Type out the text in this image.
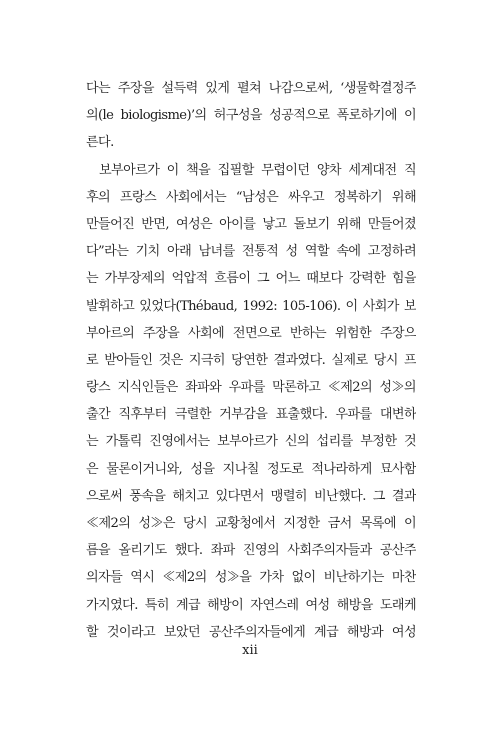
다는 주장을 설득력 있게 펼쳐 나감으로써, ‘생물학결정주
의(le biologisme)’의 허구성을 성공적으로 폭로하기에 이
른다.
보부아르가 이 책을 집필할 무렵이던 양차 세계대전 직
후의 프랑스 사회에서는 “남성은 싸우고 정복하기 위해
만들어진 반면, 여성은 아이를 낳고 돌보기 위해 만들어졌
다”라는 기치 아래 남녀를 전통적 성 역할 속에 고정하려
는 가부장제의 억압적 흐름이 그 어느 때보다 강력한 힘을
발휘하고 있었다(Thébaud, 1992: 105-106). 이 사회가 보
부아르의 주장을 사회에 전면으로 반하는 위험한 주장으
로 받아들인 것은 지극히 당연한 결과였다. 실제로 당시 프
랑스 지식인들은 좌파와 우파를 막론하고 ≪제2의 성≫의
출간 직후부터 극렬한 거부감을 표출했다. 우파를 대변하
는 가톨릭 진영에서는 보부아르가 신의 섭리를 부정한 것
은 물론이거니와, 성을 지나칠 정도로 적나라하게 묘사함
으로써 풍속을 해치고 있다면서 맹렬히 비난했다. 그 결과
≪제2의 성≫은 당시 교황청에서 지정한 금서 목록에 이
름을 올리기도 했다. 좌파 진영의 사회주의자들과 공산주
의자들 역시 ≪제2의 성≫을 가차 없이 비난하기는 마찬
가지였다. 특히 계급 해방이 자연스레 여성 해방을 도래케
할 것이라고 보았던 공산주의자들에게 계급 해방과 여성
xii
